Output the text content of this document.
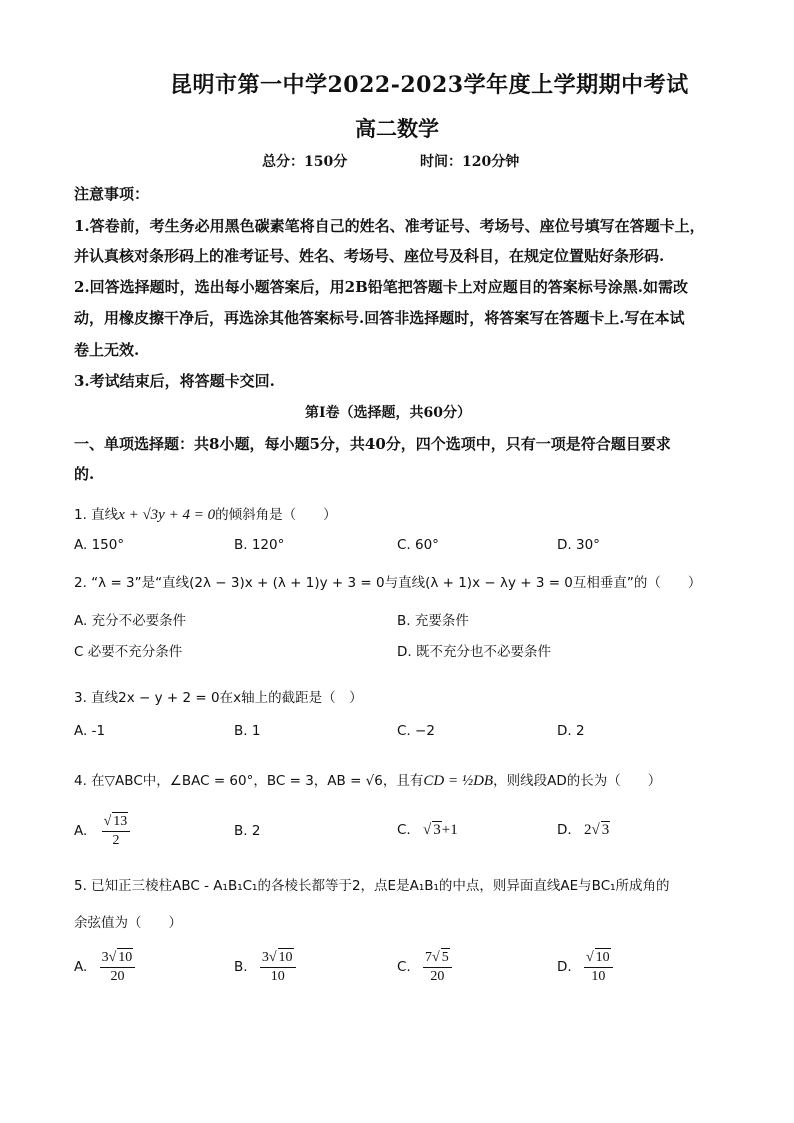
昆明市第一中学2022-2023学年度上学期期中考试
高二数学
总分：150分	时间：120分钟
注意事项：
1.答卷前，考生务必用黑色碳素笔将自己的姓名、准考证号、考场号、座位号填写在答题卡上，
并认真核对条形码上的准考证号、姓名、考场号、座位号及科目，在规定位置贴好条形码.
2.回答选择题时，选出每小题答案后，用2B铅笔把答题卡上对应题目的答案标号涂黑.如需改
动，用橡皮擦干净后，再选涂其他答案标号.回答非选择题时，将答案写在答题卡上.写在本试
卷上无效.
3.考试结束后，将答题卡交回.
第Ⅰ卷（选择题，共60分）
一、单项选择题：共8小题，每小题5分，共40分，四个选项中，只有一项是符合题目要求
的.
1. 直线x + √3y + 4 = 0的倾斜角是（　　）
A. 150°	B. 120°	C. 60°	D. 30°
2. “λ = 3”是“直线(2λ − 3)x + (λ + 1)y + 3 = 0与直线(λ + 1)x − λy + 3 = 0互相垂直”的（　　）
A. 充分不必要条件	B. 充要条件
C 必要不充分条件	D. 既不充分也不必要条件
3. 直线2x − y + 2 = 0在x轴上的截距是（　）
A. -1	B. 1	C. −2	D. 2
4. 在▽ABC中，∠BAC = 60°，BC = 3，AB = √6，且有CD = ½DB，则线段AD的长为（　　）
A. $\frac{√ 13}{2}$	B. 2	C. √ 3+1	D. 2√ 3
5. 已知正三棱柱ABC - A₁B₁C₁的各棱长都等于2，点E是A₁B₁的中点，则异面直线AE与BC₁所成角的
余弦值为（　　）
A. $\frac{3√ 10}{20}$	B. $\frac{3√ 10}{10}$	C. $\frac{7√ 5}{20}$	D. $\frac{√ 10}{10}$
